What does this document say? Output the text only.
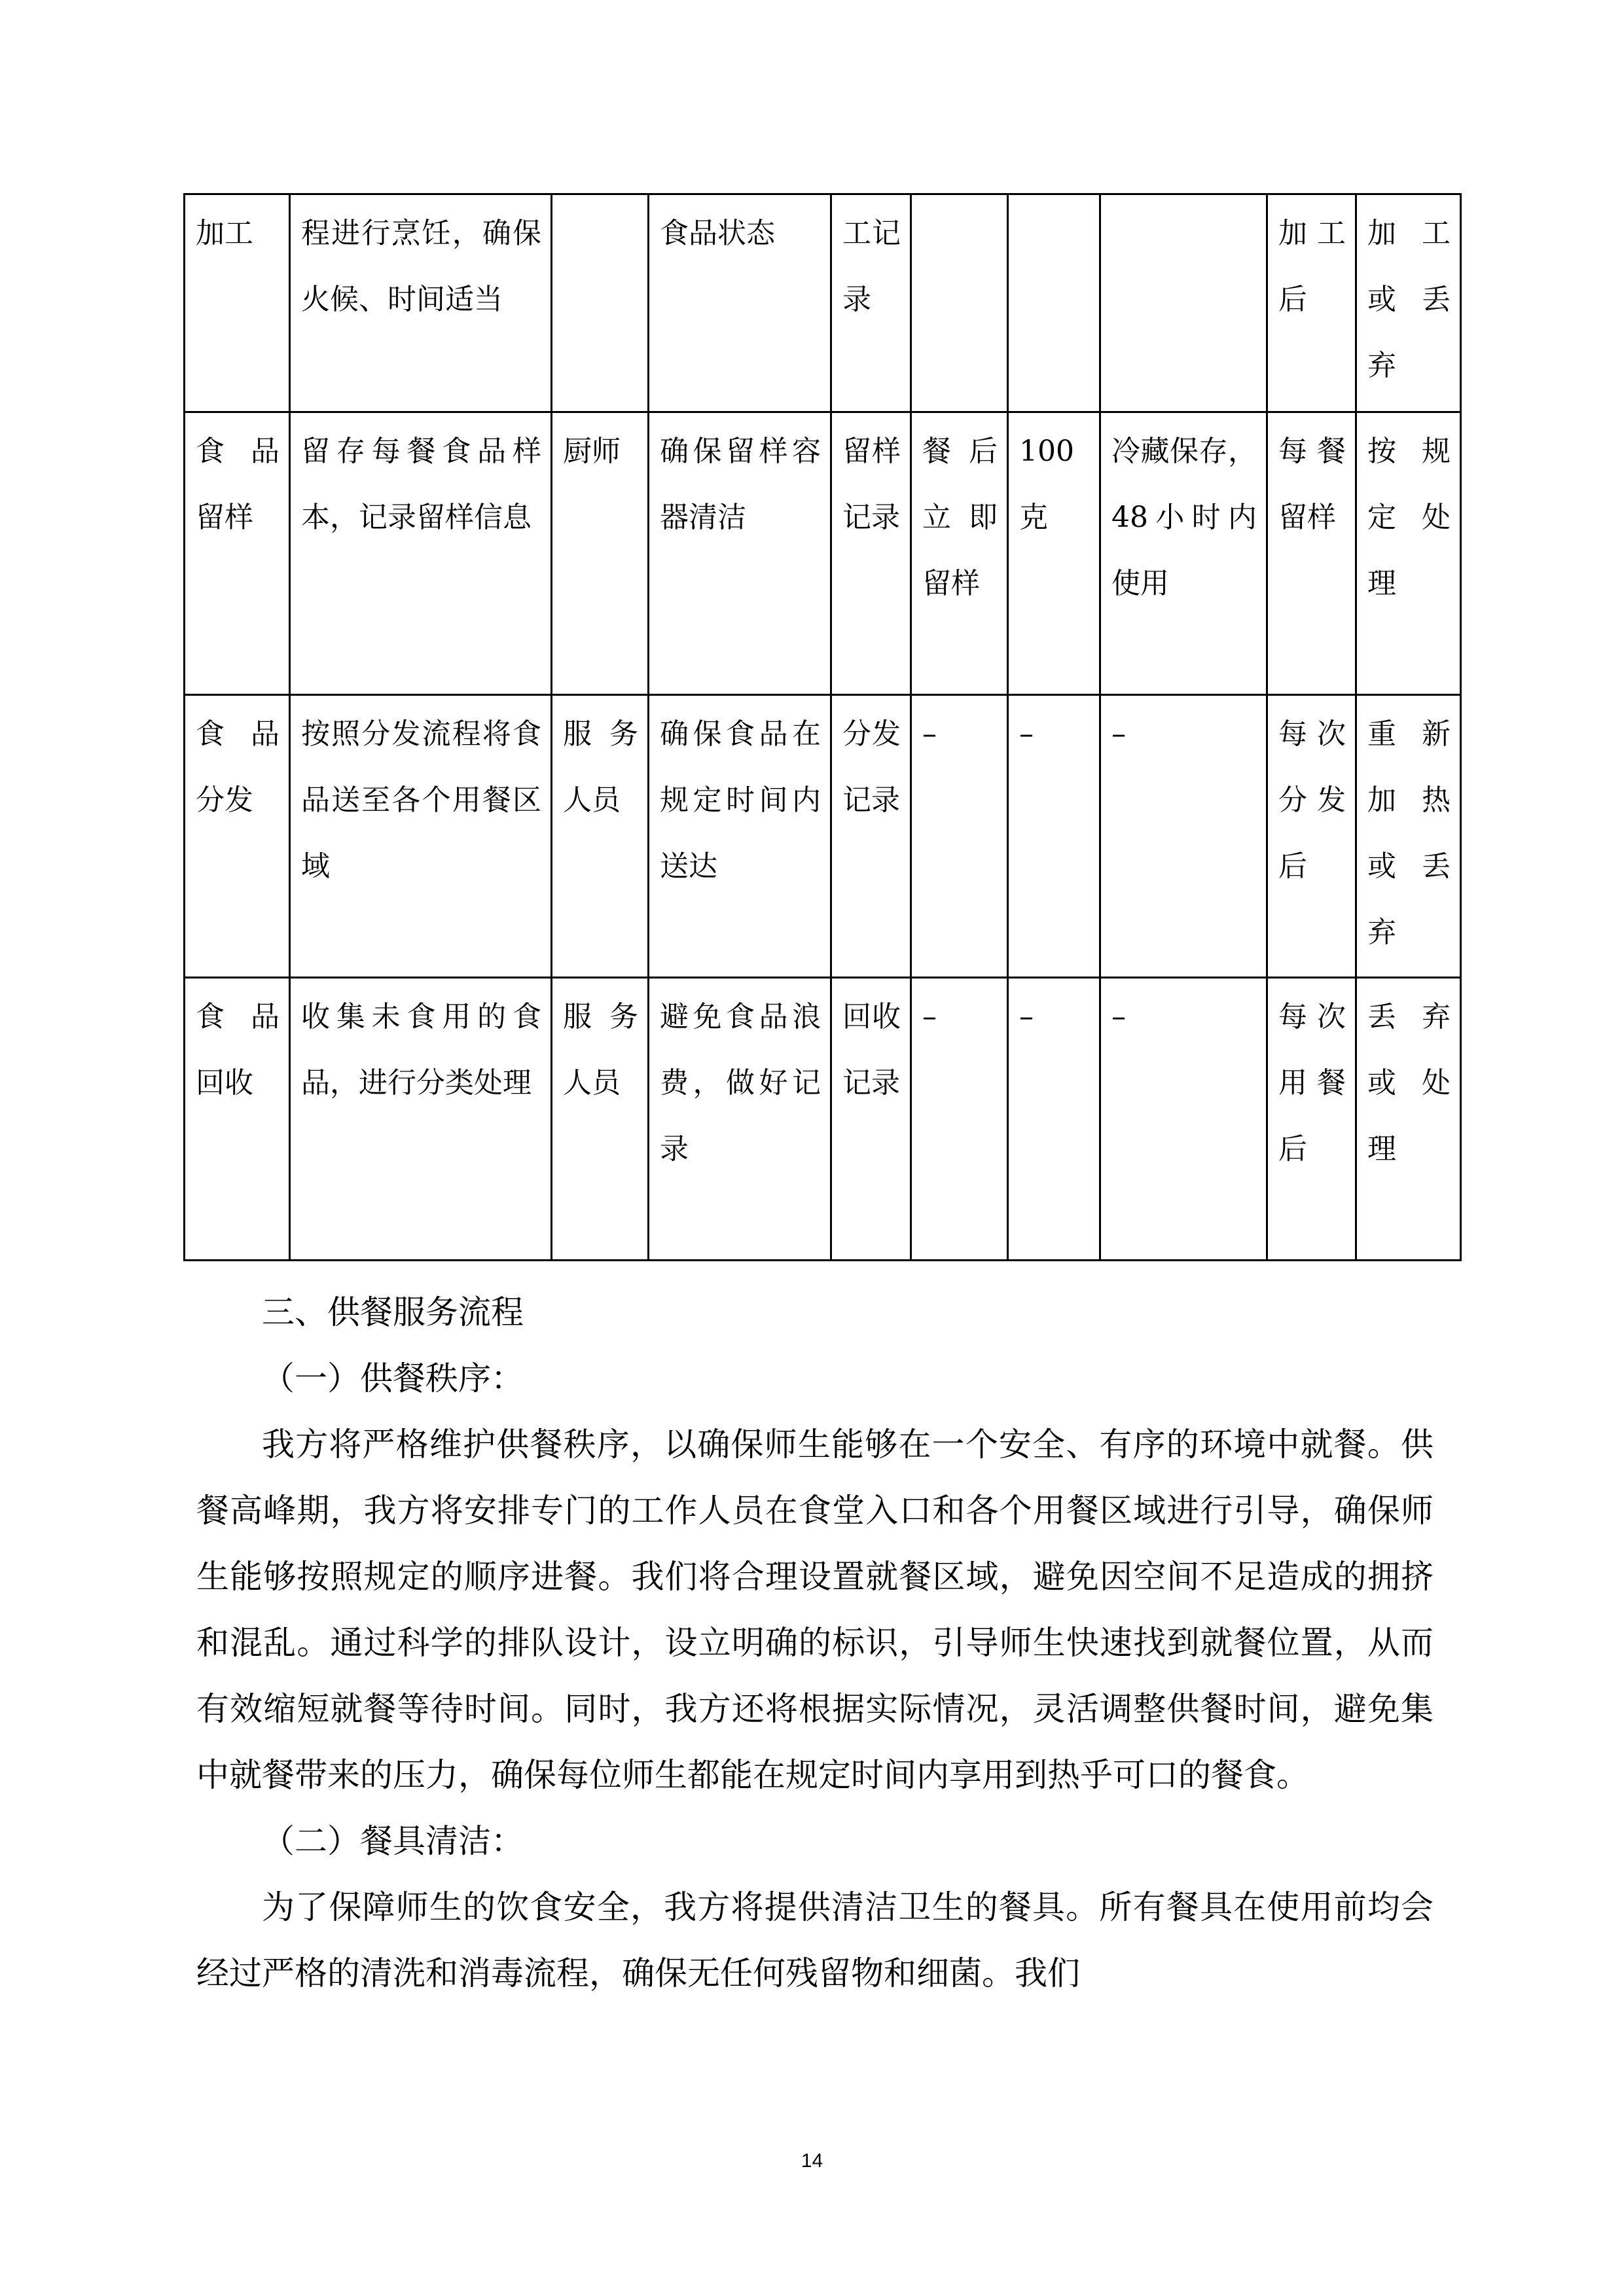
加工	程进行烹饪，确保火候、时间适当		食品状态	工记录				加工后	加工或丢弃
食品留样	留存每餐食品样本，记录留样信息	厨师	确保留样容器清洁	留样记录	餐后立即留样	100克	冷藏保存，48小时内使用	每餐留样	按规定处理
食品分发	按照分发流程将食品送至各个用餐区域	服务人员	确保食品在规定时间内送达	分发记录	–	–	–	每次分发后	重新加热或丢弃
食品回收	收集未食用的食品，进行分类处理	服务人员	避免食品浪费，做好记录	回收记录	–	–	–	每次用餐后	丢弃或处理

三、供餐服务流程

（一）供餐秩序：

我方将严格维护供餐秩序，以确保师生能够在一个安全、有序的环境中就餐。供餐高峰期，我方将安排专门的工作人员在食堂入口和各个用餐区域进行引导，确保师生能够按照规定的顺序进餐。我们将合理设置就餐区域，避免因空间不足造成的拥挤和混乱。通过科学的排队设计，设立明确的标识，引导师生快速找到就餐位置，从而有效缩短就餐等待时间。同时，我方还将根据实际情况，灵活调整供餐时间，避免集中就餐带来的压力，确保每位师生都能在规定时间内享用到热乎可口的餐食。

（二）餐具清洁：

为了保障师生的饮食安全，我方将提供清洁卫生的餐具。所有餐具在使用前均会经过严格的清洗和消毒流程，确保无任何残留物和细菌。我们

14
